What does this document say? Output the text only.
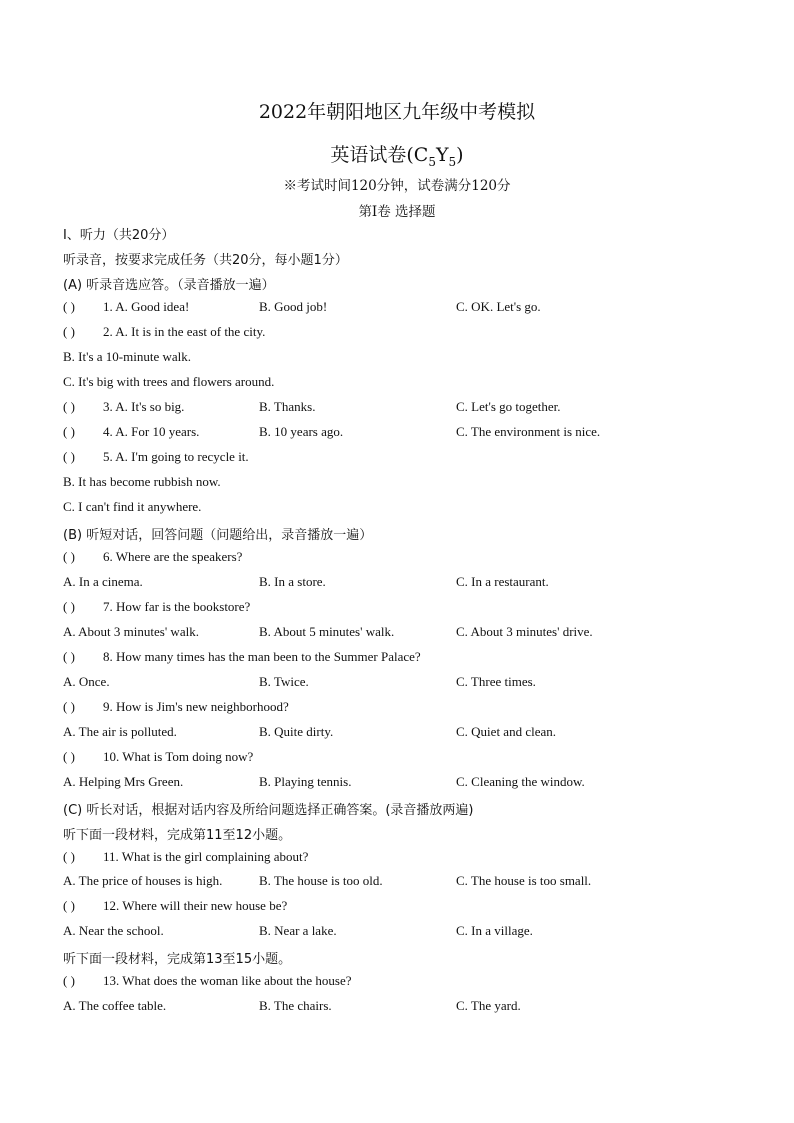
2022年朝阳地区九年级中考模拟
英语试卷$(C_5Y_5)$
※考试时间120分钟，试卷满分120分
第Ⅰ卷 选择题
Ⅰ、听力（共20分）
听录音，按要求完成任务（共20分，每小题1分）
(A) 听录音选应答。（录音播放一遍）
( ) 1. A. Good idea!	B. Good job!	C. OK. Let's go.
( ) 2. A. It is in the east of the city.
B. It's a 10-minute walk.
C. It's big with trees and flowers around.
( ) 3. A. It's so big.	B. Thanks.	C. Let's go together.
( ) 4. A. For 10 years.	B. 10 years ago.	C. The environment is nice.
( ) 5. A. I'm going to recycle it.
B. It has become rubbish now.
C. I can't find it anywhere.
(B) 听短对话，回答问题（问题给出，录音播放一遍）
( ) 6. Where are the speakers?
A. In a cinema.	B. In a store.	C. In a restaurant.
( ) 7. How far is the bookstore?
A. About 3 minutes' walk.	B. About 5 minutes' walk.	C. About 3 minutes' drive.
( ) 8. How many times has the man been to the Summer Palace?
A. Once.	B. Twice.	C. Three times.
( ) 9. How is Jim's new neighborhood?
A. The air is polluted.	B. Quite dirty.	C. Quiet and clean.
( ) 10. What is Tom doing now?
A. Helping Mrs Green.	B. Playing tennis.	C. Cleaning the window.
(C) 听长对话，根据对话内容及所给问题选择正确答案。(录音播放两遍)
听下面一段材料，完成第11至12小题。
( ) 11. What is the girl complaining about?
A. The price of houses is high.	B. The house is too old.	C. The house is too small.
( ) 12. Where will their new house be?
A. Near the school.	B. Near a lake.	C. In a village.
听下面一段材料，完成第13至15小题。
( ) 13. What does the woman like about the house?
A. The coffee table.	B. The chairs.	C. The yard.
